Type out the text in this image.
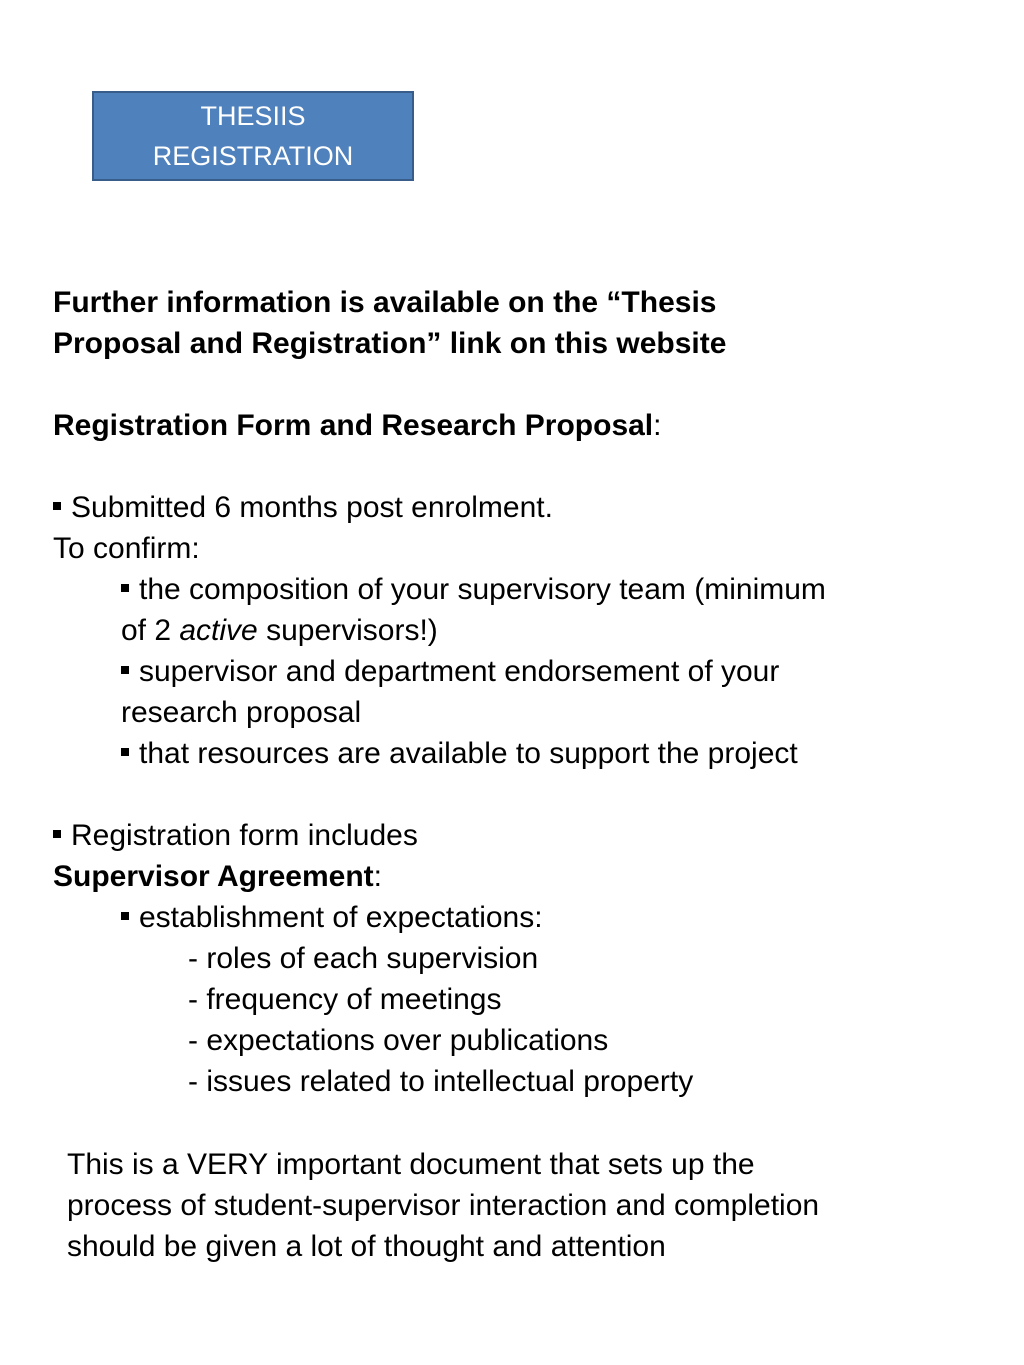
THESIIS
REGISTRATION
Further information is available on the “Thesis
Proposal and Registration” link on this website
Registration Form and Research Proposal:
Submitted 6 months post enrolment.
To confirm:
the composition of your supervisory team (minimum
of 2 active supervisors!)
supervisor and department endorsement of your
research proposal
that resources are available to support the project
Registration form includes
Supervisor Agreement:
establishment of expectations:
- roles of each supervision
- frequency of meetings
- expectations over publications
- issues related to intellectual property
This is a VERY important document that sets up the
process of student-supervisor interaction and completion
should be given a lot of thought and attention
